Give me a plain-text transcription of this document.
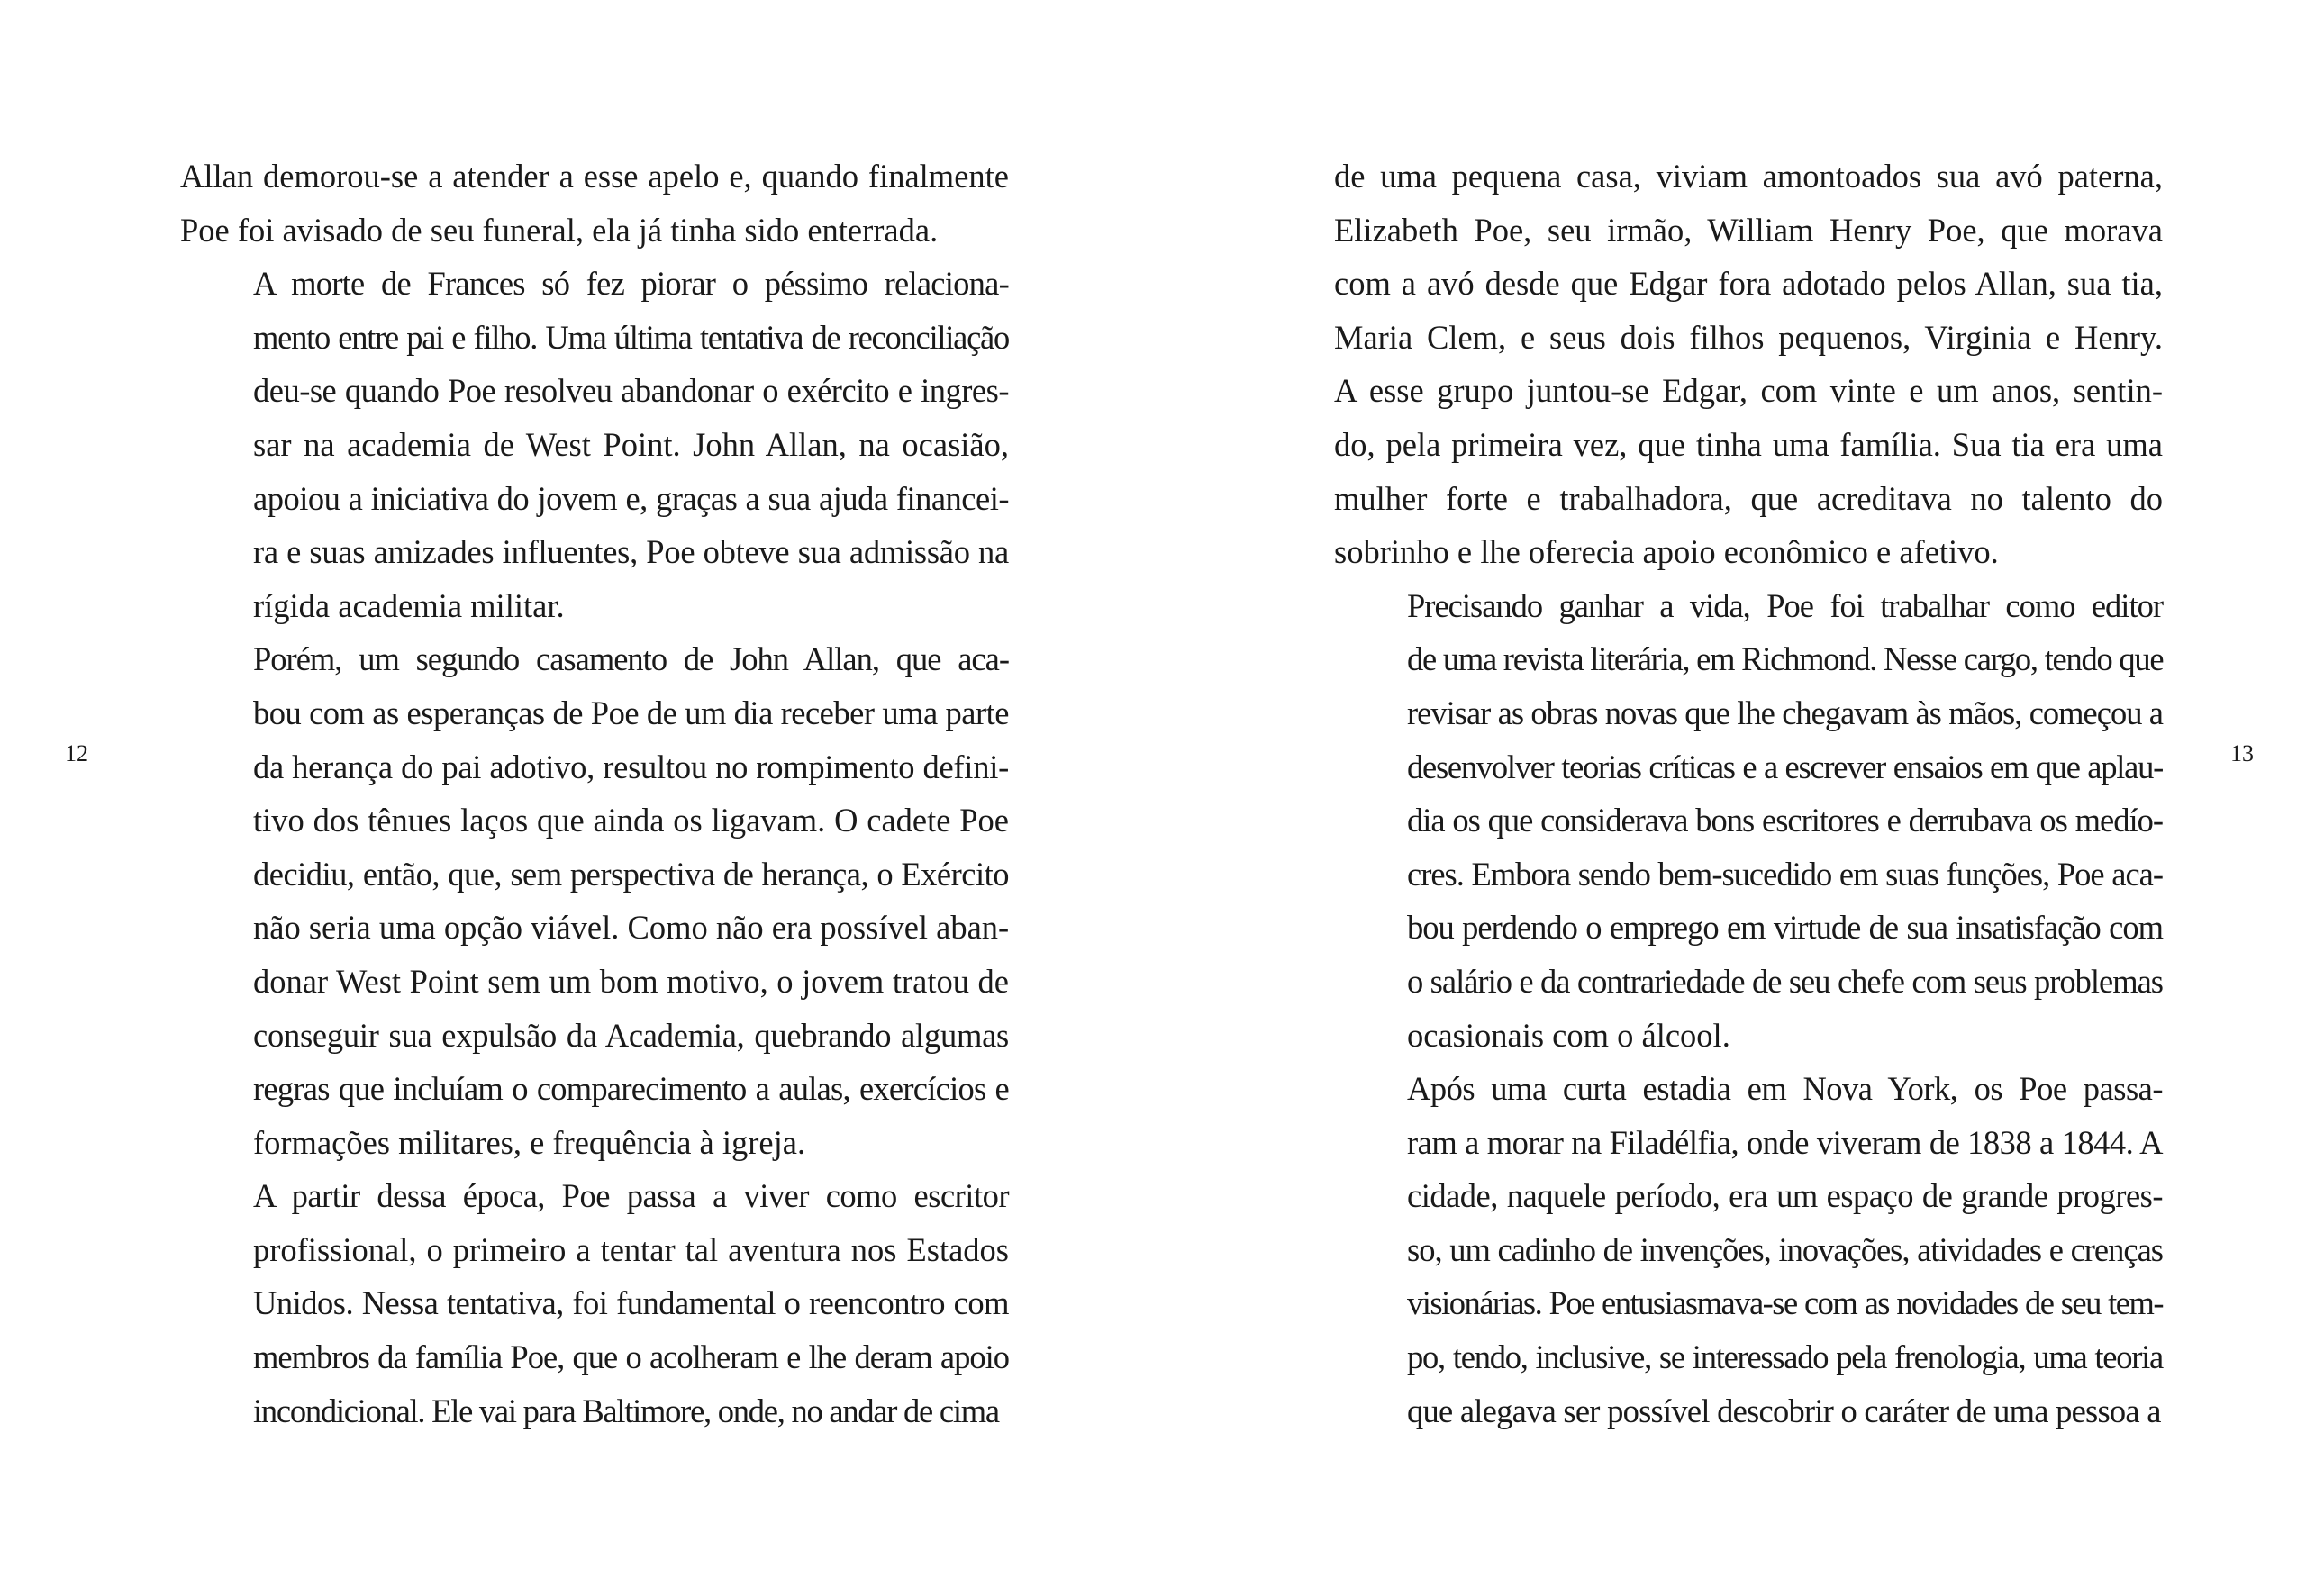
Allan demorou-se a atender a esse apelo e, quando finalmente
Poe foi avisado de seu funeral, ela já tinha sido enterrada.

A morte de Frances só fez piorar o péssimo relaciona-
mento entre pai e filho. Uma última tentativa de reconciliação
deu-se quando Poe resolveu abandonar o exército e ingres-
sar na academia de West Point. John Allan, na ocasião,
apoiou a iniciativa do jovem e, graças a sua ajuda financei-
ra e suas amizades influentes, Poe obteve sua admissão na
rígida academia militar.

Porém, um segundo casamento de John Allan, que aca-
bou com as esperanças de Poe de um dia receber uma parte
da herança do pai adotivo, resultou no rompimento defini-
tivo dos tênues laços que ainda os ligavam. O cadete Poe
decidiu, então, que, sem perspectiva de herança, o Exército
não seria uma opção viável. Como não era possível aban-
donar West Point sem um bom motivo, o jovem tratou de
conseguir sua expulsão da Academia, quebrando algumas
regras que incluíam o comparecimento a aulas, exercícios e
formações militares, e frequência à igreja.

A partir dessa época, Poe passa a viver como escritor
profissional, o primeiro a tentar tal aventura nos Estados
Unidos. Nessa tentativa, foi fundamental o reencontro com
membros da família Poe, que o acolheram e lhe deram apoio
incondicional. Ele vai para Baltimore, onde, no andar de cima

12

de uma pequena casa, viviam amontoados sua avó paterna,
Elizabeth Poe, seu irmão, William Henry Poe, que morava
com a avó desde que Edgar fora adotado pelos Allan, sua tia,
Maria Clem, e seus dois filhos pequenos, Virginia e Henry.
A esse grupo juntou-se Edgar, com vinte e um anos, sentin-
do, pela primeira vez, que tinha uma família. Sua tia era uma
mulher forte e trabalhadora, que acreditava no talento do
sobrinho e lhe oferecia apoio econômico e afetivo.

Precisando ganhar a vida, Poe foi trabalhar como editor
de uma revista literária, em Richmond. Nesse cargo, tendo que
revisar as obras novas que lhe chegavam às mãos, começou a
desenvolver teorias críticas e a escrever ensaios em que aplau-
dia os que considerava bons escritores e derrubava os medío-
cres. Embora sendo bem-sucedido em suas funções, Poe aca-
bou perdendo o emprego em virtude de sua insatisfação com
o salário e da contrariedade de seu chefe com seus problemas
ocasionais com o álcool.

Após uma curta estadia em Nova York, os Poe passa-
ram a morar na Filadélfia, onde viveram de 1838 a 1844. A
cidade, naquele período, era um espaço de grande progres-
so, um cadinho de invenções, inovações, atividades e crenças
visionárias. Poe entusiasmava-se com as novidades de seu tem-
po, tendo, inclusive, se interessado pela frenologia, uma teoria
que alegava ser possível descobrir o caráter de uma pessoa a

13
